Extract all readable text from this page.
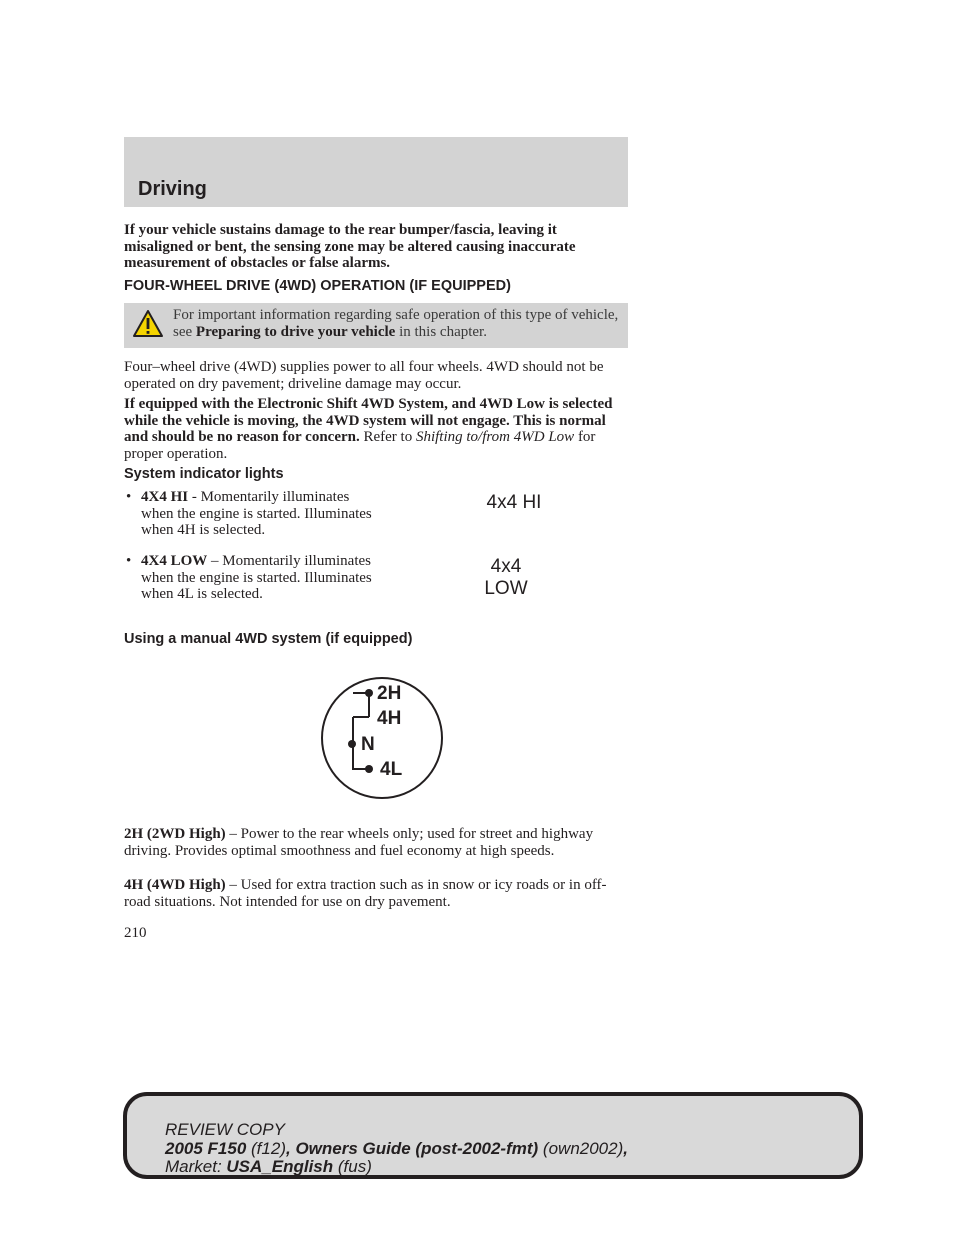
Driving
If your vehicle sustains damage to the rear bumper/fascia, leaving it misaligned or bent, the sensing zone may be altered causing inaccurate measurement of obstacles or false alarms.
FOUR-WHEEL DRIVE (4WD) OPERATION (IF EQUIPPED)
For important information regarding safe operation of this type of vehicle, see Preparing to drive your vehicle in this chapter.
Four–wheel drive (4WD) supplies power to all four wheels. 4WD should not be operated on dry pavement; driveline damage may occur.
If equipped with the Electronic Shift 4WD System, and 4WD Low is selected while the vehicle is moving, the 4WD system will not engage. This is normal and should be no reason for concern. Refer to Shifting to/from 4WD Low for proper operation.
System indicator lights
• 4X4 HI - Momentarily illuminates when the engine is started. Illuminates when 4H is selected.
4x4 HI
• 4X4 LOW – Momentarily illuminates when the engine is started. Illuminates when 4L is selected.
4x4
LOW
Using a manual 4WD system (if equipped)
2H
4H
N
4L
2H (2WD High) – Power to the rear wheels only; used for street and highway driving. Provides optimal smoothness and fuel economy at high speeds.
4H (4WD High) – Used for extra traction such as in snow or icy roads or in off-road situations. Not intended for use on dry pavement.
210
REVIEW COPY
2005 F150 (f12), Owners Guide (post-2002-fmt) (own2002),
Market: USA_English (fus)
